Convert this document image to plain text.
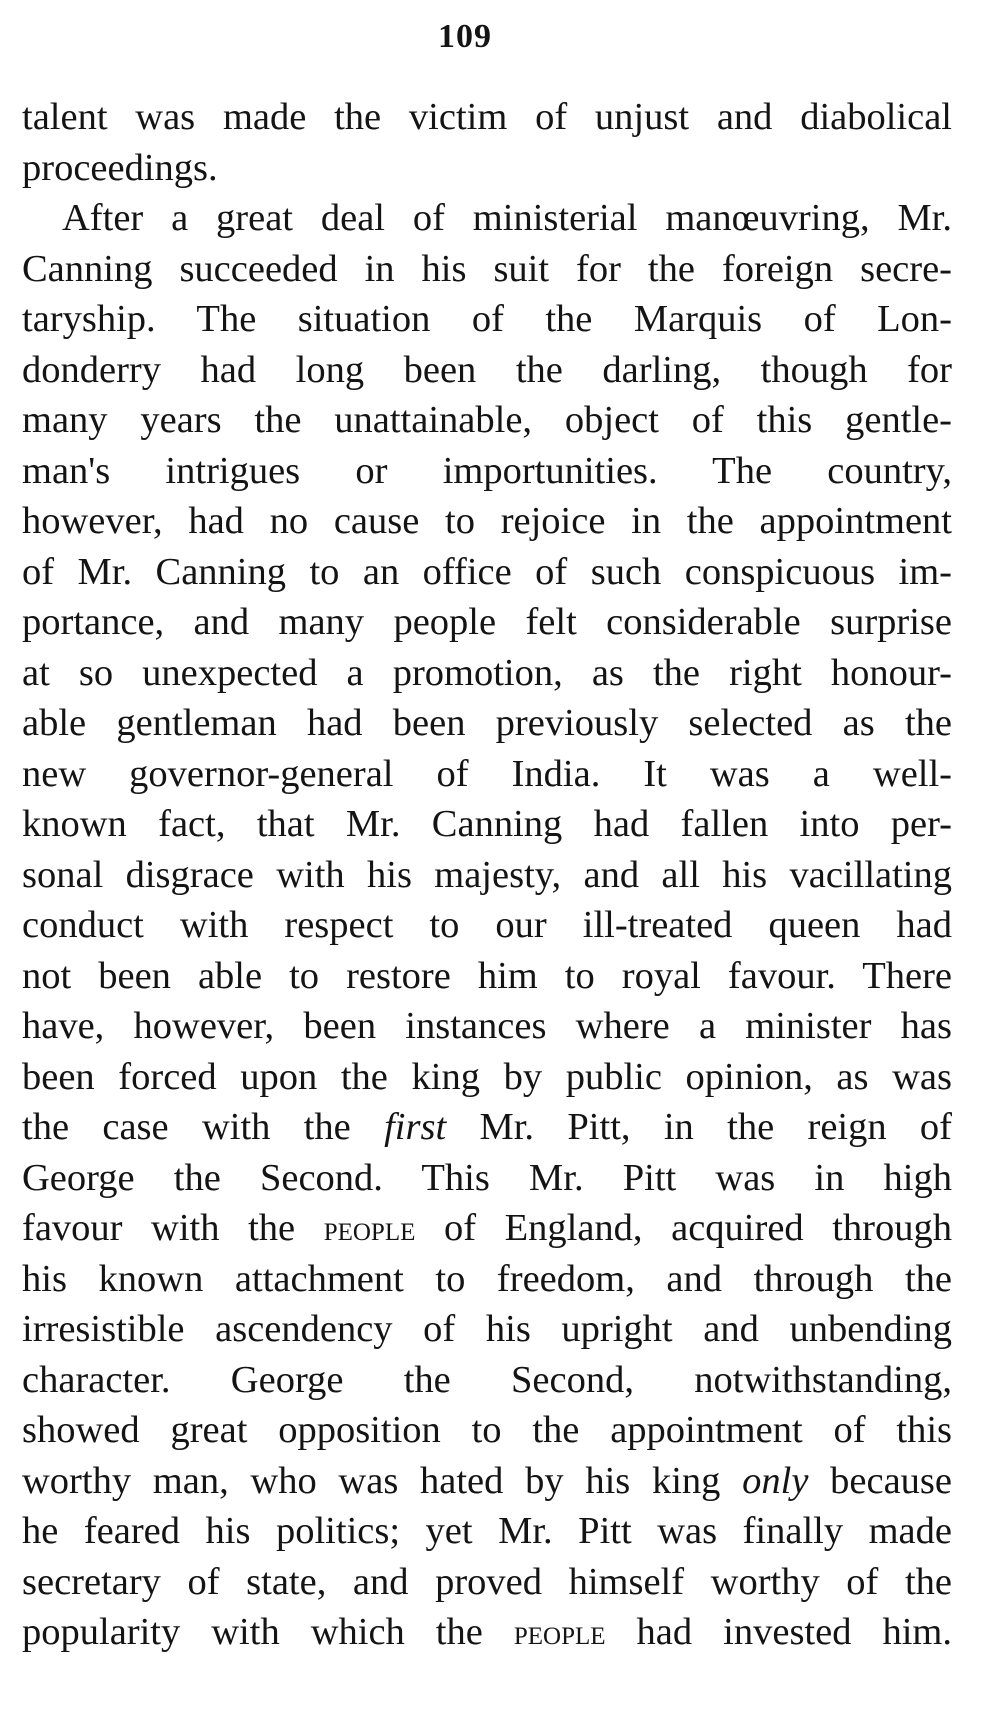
109
talent was made the victim of unjust and diabolical
proceedings.
After a great deal of ministerial manœuvring, Mr.
Canning succeeded in his suit for the foreign secre-
taryship. The situation of the Marquis of Lon-
donderry had long been the darling, though for
many years the unattainable, object of this gentle-
man's intrigues or importunities. The country,
however, had no cause to rejoice in the appointment
of Mr. Canning to an office of such conspicuous im-
portance, and many people felt considerable surprise
at so unexpected a promotion, as the right honour-
able gentleman had been previously selected as the
new governor-general of India. It was a well-
known fact, that Mr. Canning had fallen into per-
sonal disgrace with his majesty, and all his vacillating
conduct with respect to our ill-treated queen had
not been able to restore him to royal favour. There
have, however, been instances where a minister has
been forced upon the king by public opinion, as was
the case with the first Mr. Pitt, in the reign of
George the Second. This Mr. Pitt was in high
favour with the people of England, acquired through
his known attachment to freedom, and through the
irresistible ascendency of his upright and unbending
character. George the Second, notwithstanding,
showed great opposition to the appointment of this
worthy man, who was hated by his king only because
he feared his politics; yet Mr. Pitt was finally made
secretary of state, and proved himself worthy of the
popularity with which the people had invested him.
